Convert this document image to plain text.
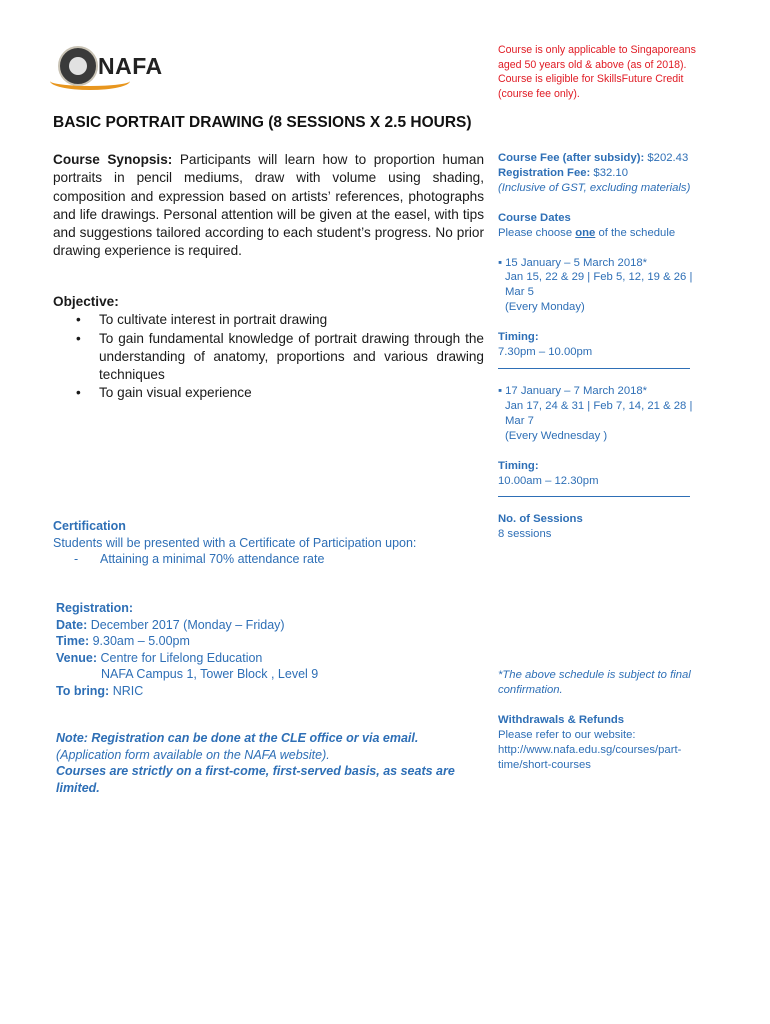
NAFA
Course is only applicable to Singaporeans
aged 50 years old & above (as of 2018).
Course is eligible for SkillsFuture Credit
(course fee only).
BASIC PORTRAIT DRAWING (8 SESSIONS X 2.5 HOURS)
Course Synopsis: Participants will learn how to proportion human portraits in pencil mediums, draw with volume using shading, composition and expression based on artists’ references, photographs and life drawings. Personal attention will be given at the easel, with tips and suggestions tailored according to each student’s progress. No prior drawing experience is required.
Objective:
• To cultivate interest in portrait drawing
• To gain fundamental knowledge of portrait drawing through the understanding of anatomy, proportions and various drawing techniques
• To gain visual experience
Certification
Students will be presented with a Certificate of Participation upon:
- Attaining a minimal 70% attendance rate
Registration:
Date: December 2017 (Monday – Friday)
Time: 9.30am – 5.00pm
Venue: Centre for Lifelong Education
NAFA Campus 1, Tower Block , Level 9
To bring: NRIC
Note: Registration can be done at the CLE office or via email.
(Application form available on the NAFA website).
Courses are strictly on a first-come, first-served basis, as seats are limited.
Course Fee (after subsidy): $202.43
Registration Fee: $32.10
(Inclusive of GST, excluding materials)
Course Dates
Please choose one of the schedule
▪ 15 January – 5 March 2018*
Jan 15, 22 & 29 | Feb 5, 12, 19 & 26 |
Mar 5
(Every Monday)
Timing:
7.30pm – 10.00pm
▪ 17 January – 7 March 2018*
Jan 17, 24 & 31 | Feb 7, 14, 21 & 28 |
Mar 7
(Every Wednesday )
Timing:
10.00am – 12.30pm
No. of Sessions
8 sessions
*The above schedule is subject to final confirmation.
Withdrawals & Refunds
Please refer to our website:
http://www.nafa.edu.sg/courses/part-
time/short-courses
